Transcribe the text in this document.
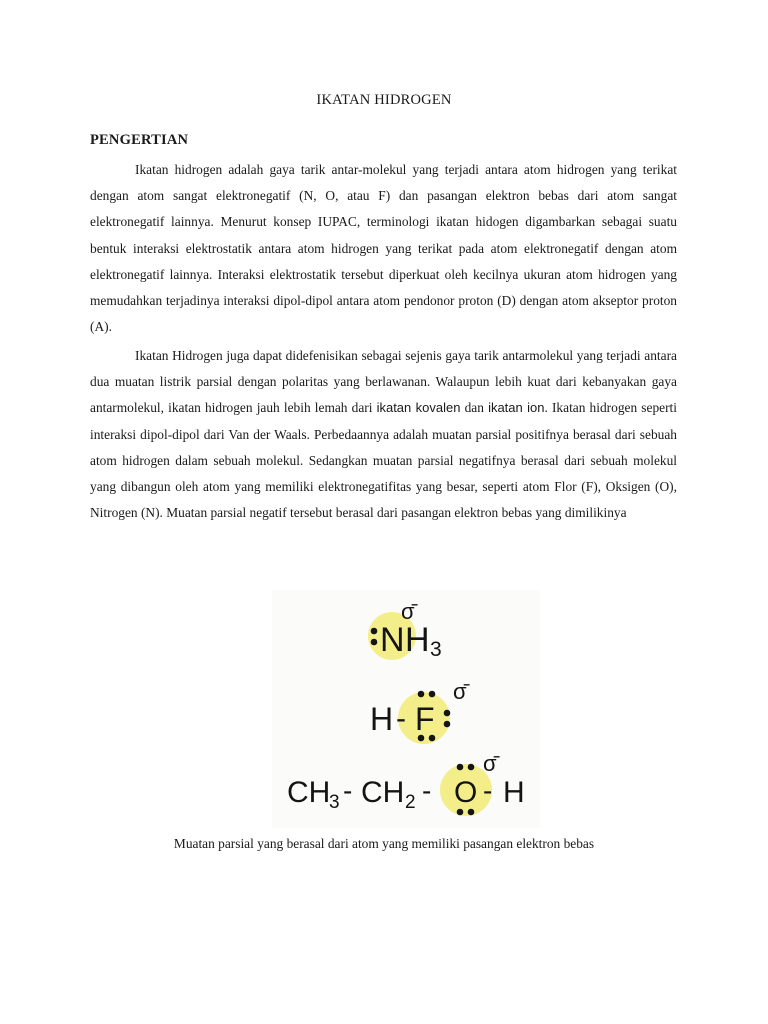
IKATAN HIDROGEN
PENGERTIAN
Ikatan hidrogen adalah gaya tarik antar-molekul yang terjadi antara atom hidrogen yang terikat dengan atom sangat elektronegatif (N, O, atau F) dan pasangan elektron bebas dari atom sangat elektronegatif lainnya. Menurut konsep IUPAC, terminologi ikatan hidogen digambarkan sebagai suatu bentuk interaksi elektrostatik antara atom hidrogen yang terikat pada atom elektronegatif dengan atom elektronegatif lainnya. Interaksi elektrostatik tersebut diperkuat oleh kecilnya ukuran atom hidrogen yang memudahkan terjadinya interaksi dipol-dipol antara atom pendonor proton (D) dengan atom akseptor proton (A).
Ikatan Hidrogen juga dapat didefenisikan sebagai sejenis gaya tarik antarmolekul yang terjadi antara dua muatan listrik parsial dengan polaritas yang berlawanan. Walaupun lebih kuat dari kebanyakan gaya antarmolekul, ikatan hidrogen jauh lebih lemah dari ikatan kovalen dan ikatan ion. Ikatan hidrogen seperti interaksi dipol-dipol dari Van der Waals. Perbedaannya adalah muatan parsial positifnya berasal dari sebuah atom hidrogen dalam sebuah molekul. Sedangkan muatan parsial negatifnya berasal dari sebuah molekul yang dibangun oleh atom yang memiliki elektronegatifitas yang besar, seperti atom Flor (F), Oksigen (O), Nitrogen (N). Muatan parsial negatif tersebut berasal dari pasangan elektron bebas yang dimilikinya
N H 3
σ̄
H - F
σ̄
CH
3 - CH 2 - O - H
σ̄
Muatan parsial yang berasal dari atom yang memiliki pasangan elektron bebas
